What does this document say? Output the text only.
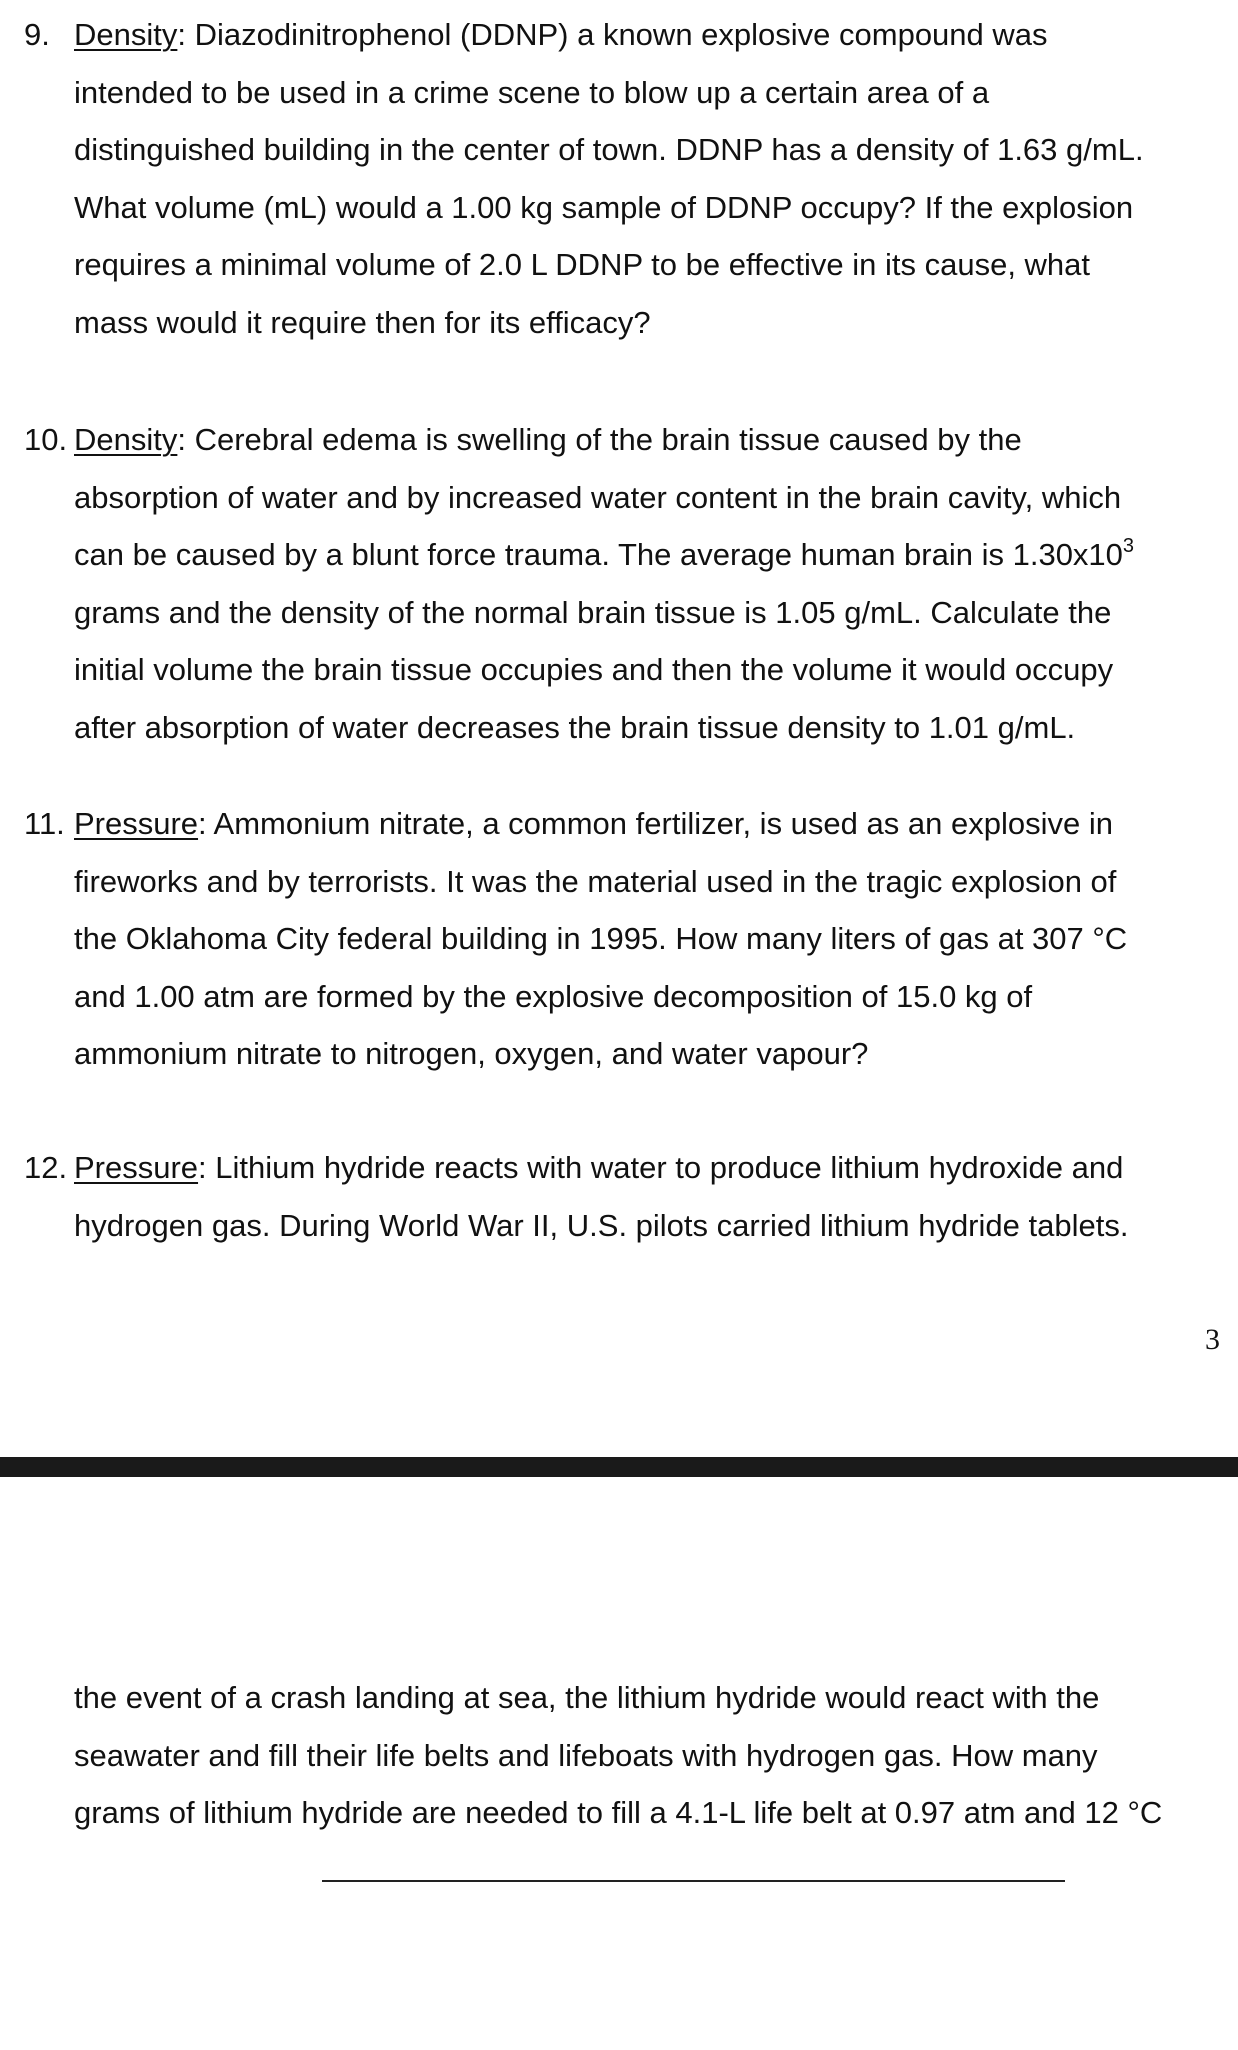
9. Density: Diazodinitrophenol (DDNP) a known explosive compound was
intended to be used in a crime scene to blow up a certain area of a
distinguished building in the center of town. DDNP has a density of 1.63 g/mL.
What volume (mL) would a 1.00 kg sample of DDNP occupy? If the explosion
requires a minimal volume of 2.0 L DDNP to be effective in its cause, what
mass would it require then for its efficacy?
10. Density: Cerebral edema is swelling of the brain tissue caused by the
absorption of water and by increased water content in the brain cavity, which
can be caused by a blunt force trauma. The average human brain is $1.30x10^3$
grams and the density of the normal brain tissue is 1.05 g/mL. Calculate the
initial volume the brain tissue occupies and then the volume it would occupy
after absorption of water decreases the brain tissue density to 1.01 g/mL.
11. Pressure: Ammonium nitrate, a common fertilizer, is used as an explosive in
fireworks and by terrorists. It was the material used in the tragic explosion of
the Oklahoma City federal building in 1995. How many liters of gas at 307 °C
and 1.00 atm are formed by the explosive decomposition of 15.0 kg of
ammonium nitrate to nitrogen, oxygen, and water vapour?
12. Pressure: Lithium hydride reacts with water to produce lithium hydroxide and
hydrogen gas. During World War II, U.S. pilots carried lithium hydride tablets.
3
the event of a crash landing at sea, the lithium hydride would react with the
seawater and fill their life belts and lifeboats with hydrogen gas. How many
grams of lithium hydride are needed to fill a 4.1-L life belt at 0.97 atm and 12 °C
